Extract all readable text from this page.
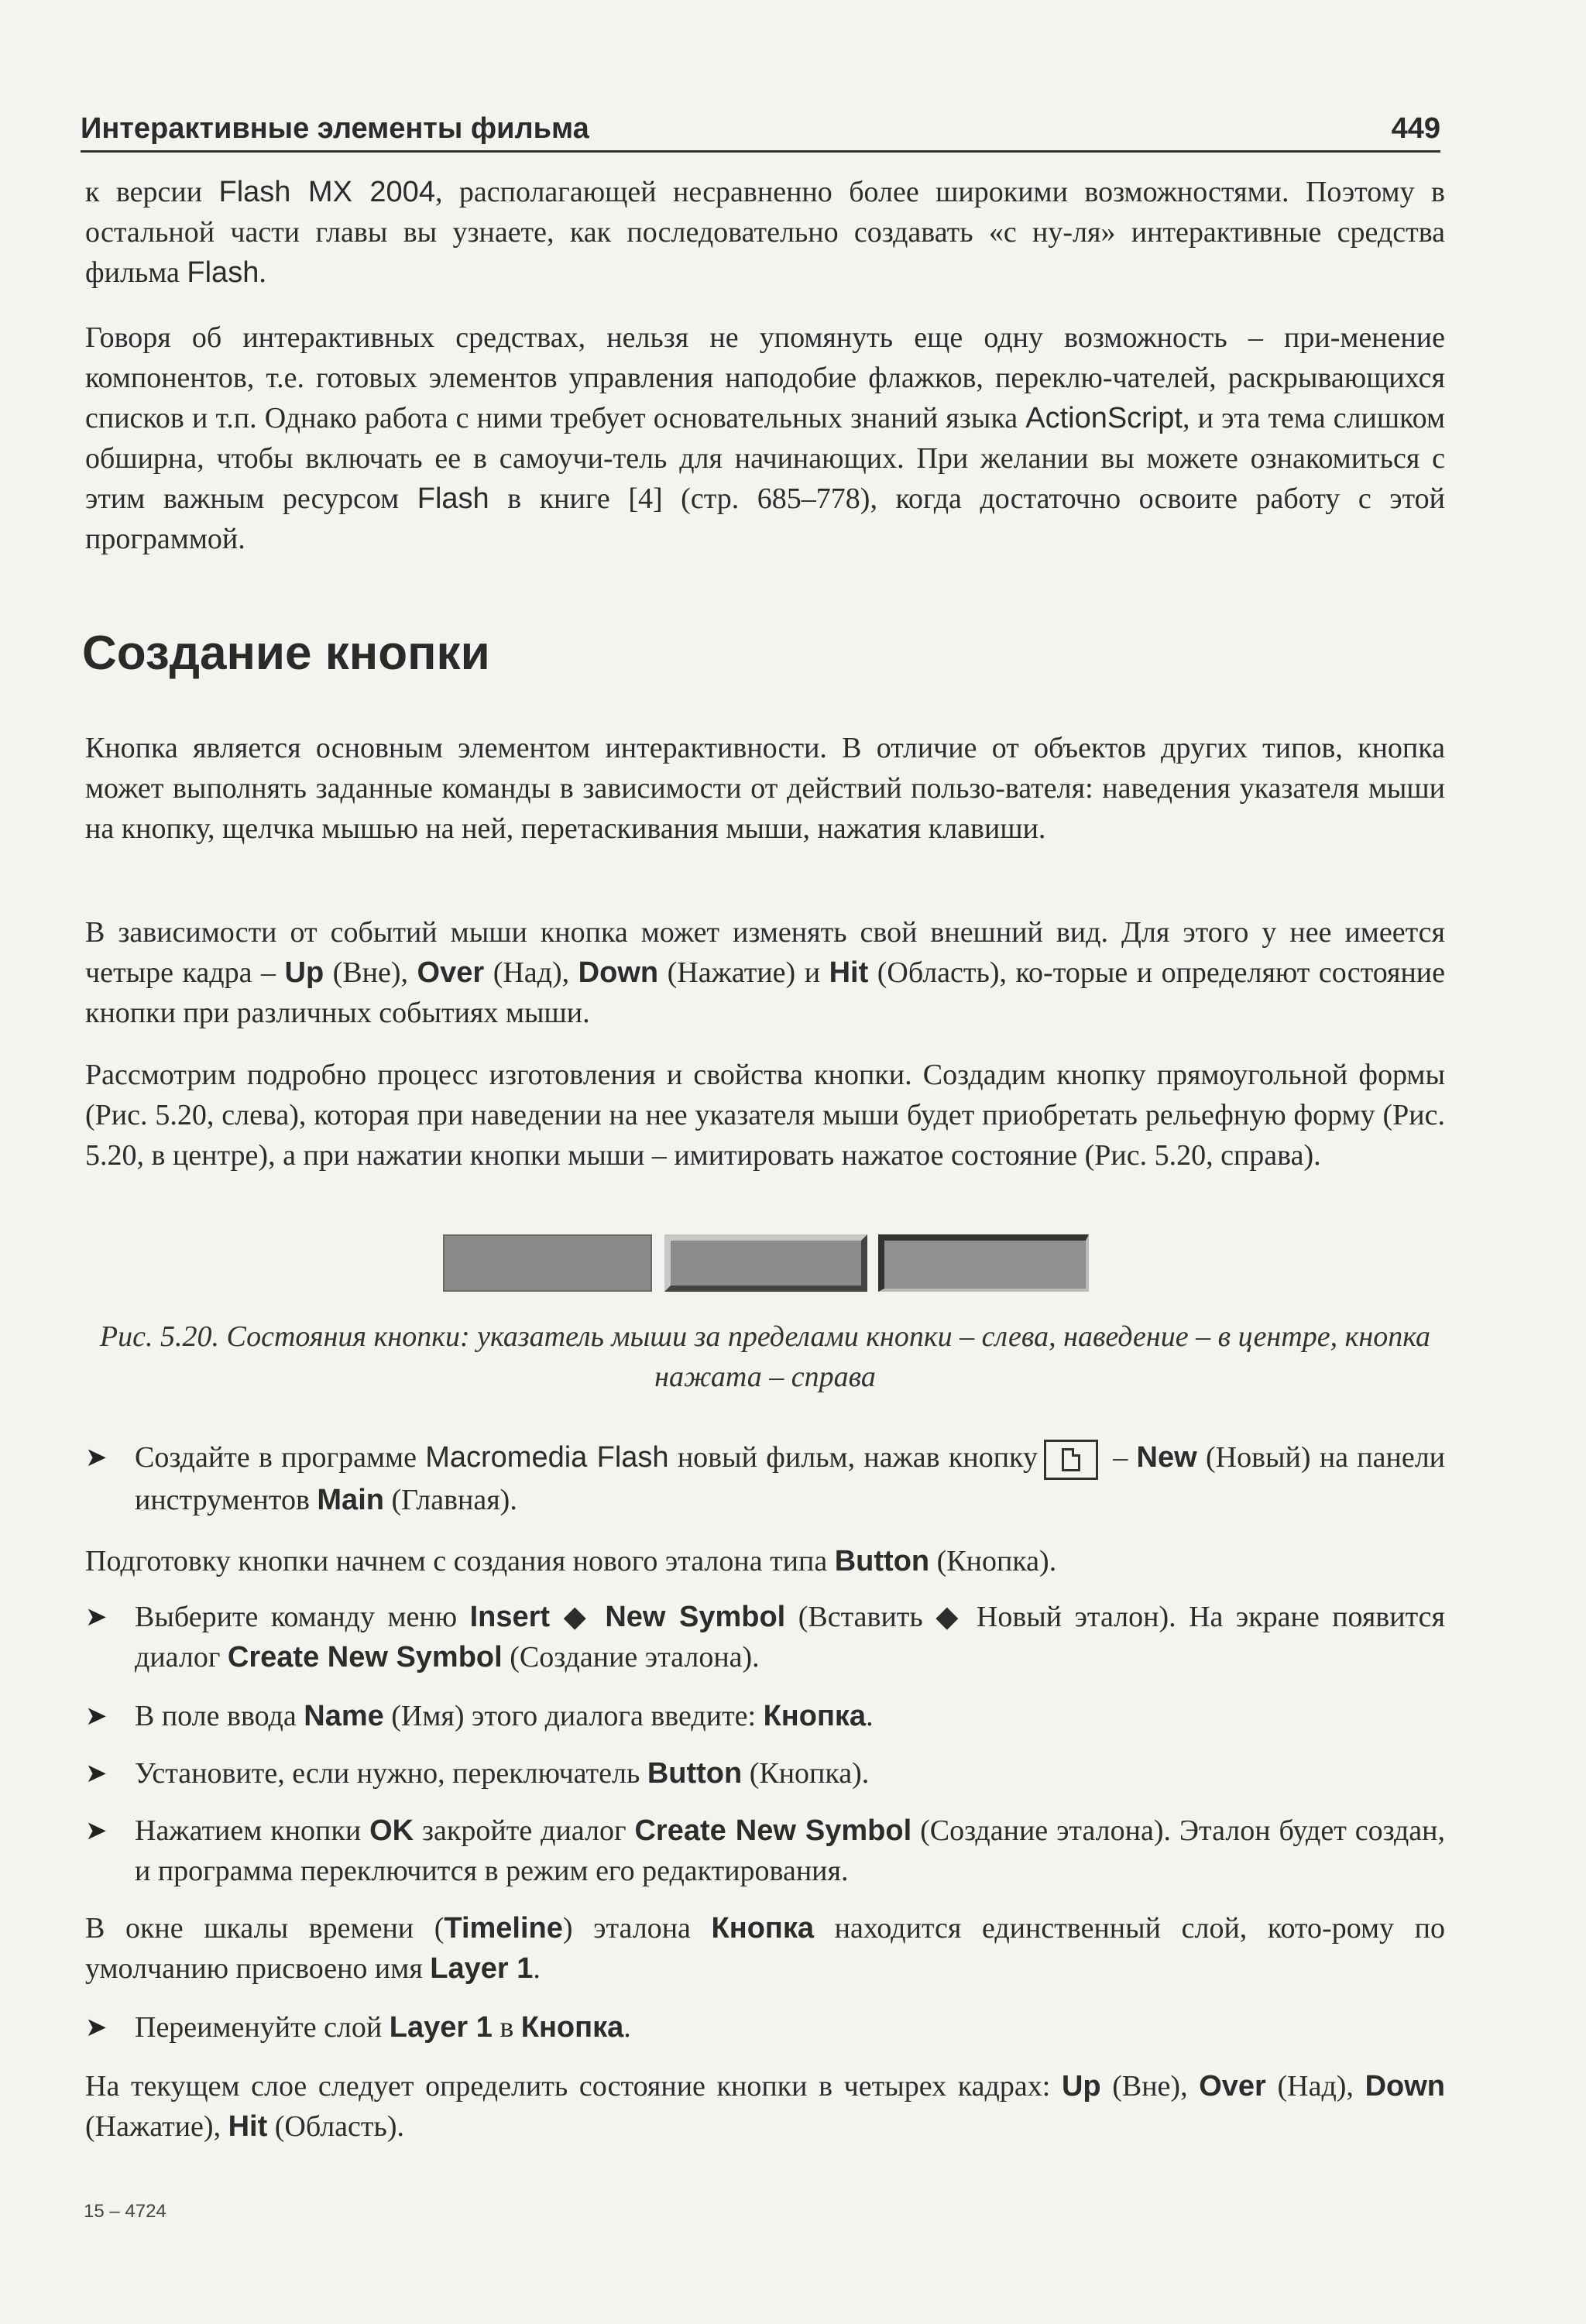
Интерактивные элементы фильма	449

к версии Flash MX 2004, располагающей несравненно более широкими возможностями. Поэтому в остальной части главы вы узнаете, как последовательно создавать «с ну-ля» интерактивные средства фильма Flash.

Говоря об интерактивных средствах, нельзя не упомянуть еще одну возможность – при-менение компонентов, т.е. готовых элементов управления наподобие флажков, переклю-чателей, раскрывающихся списков и т.п. Однако работа с ними требует основательных знаний языка ActionScript, и эта тема слишком обширна, чтобы включать ее в самоучи-тель для начинающих. При желании вы можете ознакомиться с этим важным ресурсом Flash в книге [4] (стр. 685–778), когда достаточно освоите работу с этой программой.

Создание кнопки

Кнопка является основным элементом интерактивности. В отличие от объектов других типов, кнопка может выполнять заданные команды в зависимости от действий пользо-вателя: наведения указателя мыши на кнопку, щелчка мышью на ней, перетаскивания мыши, нажатия клавиши.

В зависимости от событий мыши кнопка может изменять свой внешний вид. Для этого у нее имеется четыре кадра – Up (Вне), Over (Над), Down (Нажатие) и Hit (Область), ко-торые и определяют состояние кнопки при различных событиях мыши.

Рассмотрим подробно процесс изготовления и свойства кнопки. Создадим кнопку прямоугольной формы (Рис. 5.20, слева), которая при наведении на нее указателя мыши будет приобретать рельефную форму (Рис. 5.20, в центре), а при нажатии кнопки мыши – имитировать нажатое состояние (Рис. 5.20, справа).

Рис. 5.20. Состояния кнопки: указатель мыши за пределами кнопки – слева, наведение – в центре, кнопка нажата – справа
➤ Создайте в программе Macromedia Flash новый фильм, нажав кнопку
– New (Новый) на панели инструментов Main (Главная).

Подготовку кнопки начнем с создания нового эталона типа Button (Кнопка).

➤ Выберите команду меню Insert ◆ New Symbol (Вставить ◆ Новый эталон). На экране появится диалог Create New Symbol (Создание эталона).

➤ В поле ввода Name (Имя) этого диалога введите: Кнопка.

➤ Установите, если нужно, переключатель Button (Кнопка).

➤ Нажатием кнопки OK закройте диалог Create New Symbol (Создание эталона). Эталон будет создан, и программа переключится в режим его редактирования.

В окне шкалы времени (Timeline) эталона Кнопка находится единственный слой, кото-рому по умолчанию присвоено имя Layer 1.

➤ Переименуйте слой Layer 1 в Кнопка.

На текущем слое следует определить состояние кнопки в четырех кадрах: Up (Вне), Over (Над), Down (Нажатие), Hit (Область).

15 – 4724
